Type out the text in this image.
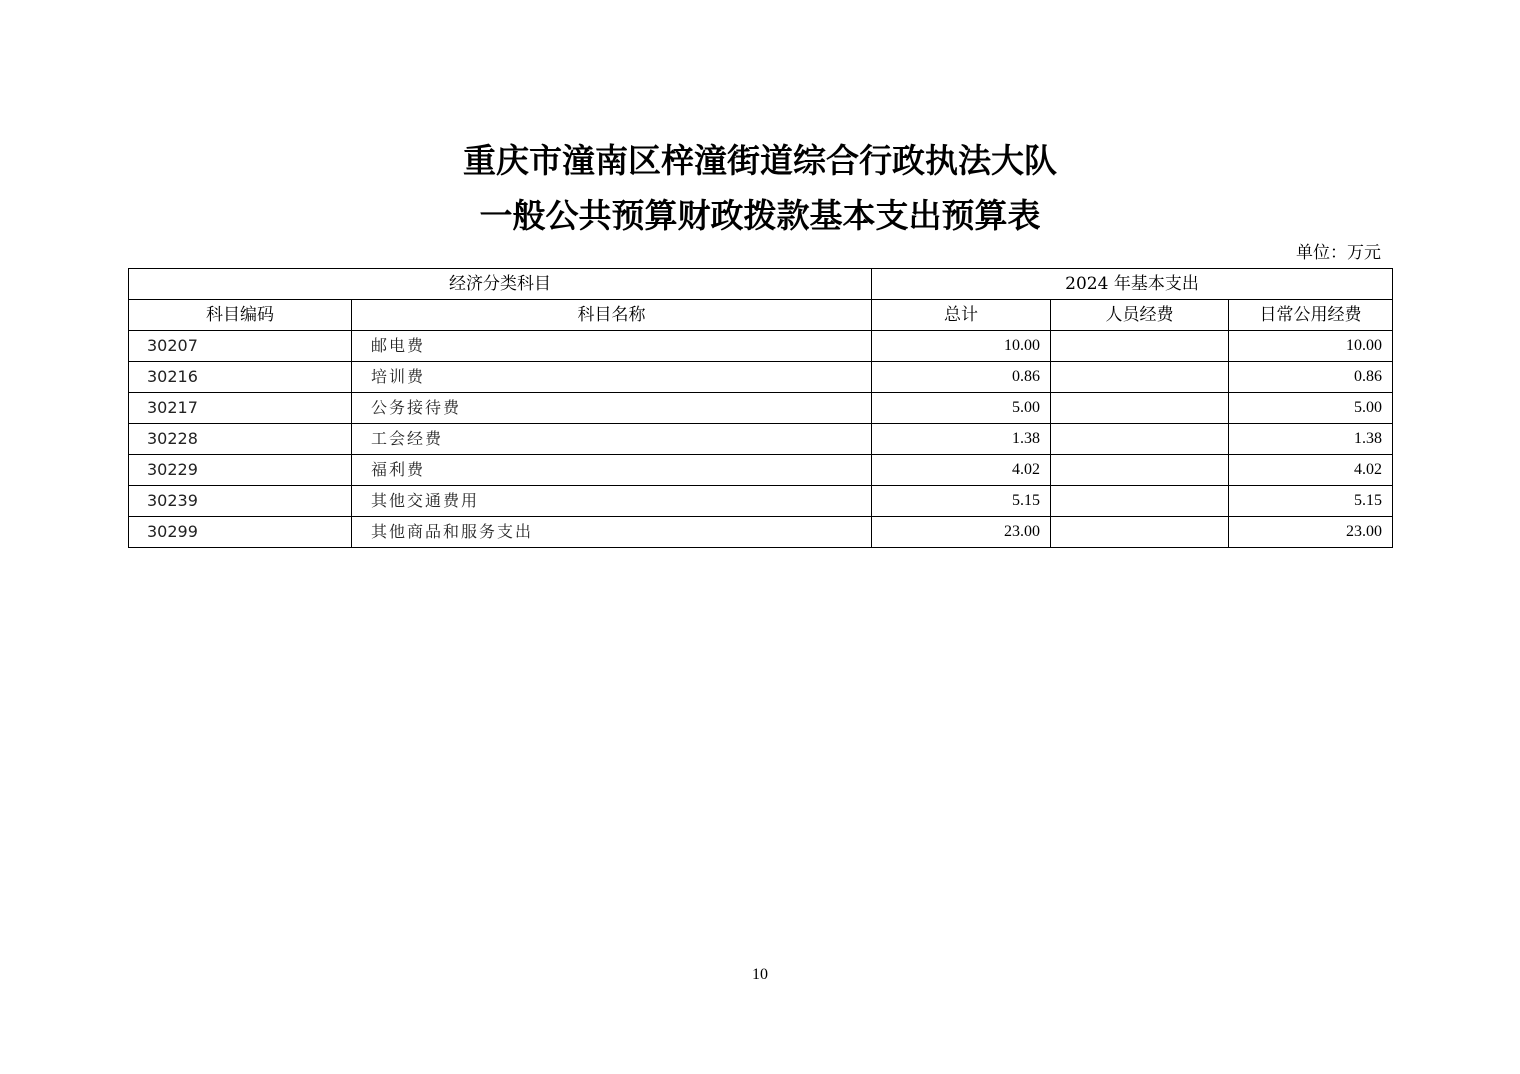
重庆市潼南区梓潼街道综合行政执法大队
一般公共预算财政拨款基本支出预算表
单位：万元
经济分类科目		2024 年基本支出		
科目编码	科目名称	总计	人员经费	日常公用经费
30207	邮电费	10.00		10.00
30216	培训费	0.86		0.86
30217	公务接待费	5.00		5.00
30228	工会经费	1.38		1.38
30229	福利费	4.02		4.02
30239	其他交通费用	5.15		5.15
30299	其他商品和服务支出	23.00		23.00
10
